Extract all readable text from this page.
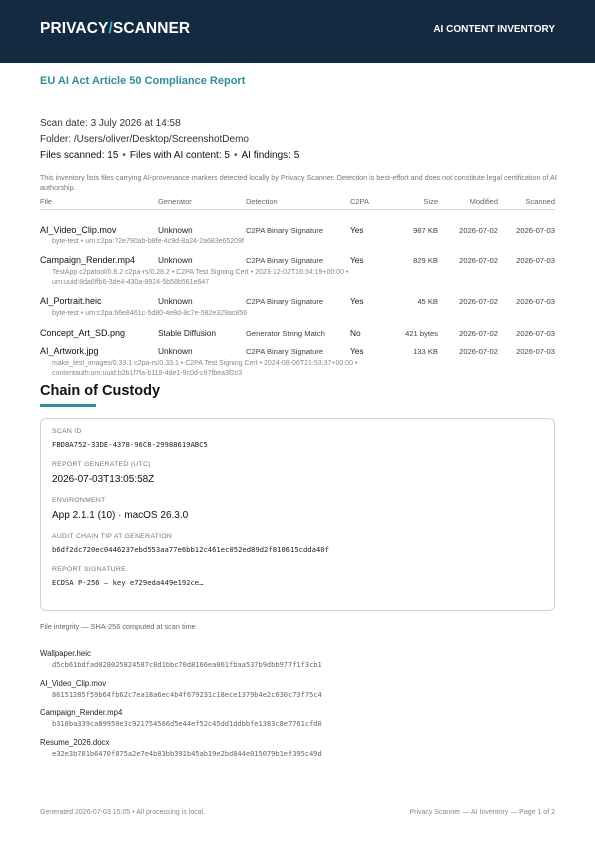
PRIVACY/SCANNER	AI CONTENT INVENTORY
EU AI Act Article 50 Compliance Report
Scan date: 3 July 2026 at 14:58
Folder: /Users/oliver/Desktop/ScreenshotDemo
Files scanned: 15 • Files with AI content: 5 • AI findings: 5
This inventory lists files carrying AI-provenance markers detected locally by Privacy Scanner. Detection is best-effort and does not constitute legal certification of AI authorship.
File	Generator	Detection	C2PA	Size	Modified	Scanned
AI_Video_Clip.mov	Unknown	C2PA Binary Signature	Yes	987 KB	2026-07-02	2026-07-03
byte-test • urn:c2pa:72e790ab-b8fe-4c9d-8a24-2a683e65209f
Campaign_Render.mp4	Unknown	C2PA Binary Signature	Yes	829 KB	2026-07-02	2026-07-03
TestApp c2patool/0.6.2 c2pa-rs/0.28.2 • C2PA Test Signing Cert • 2023-12-02T16:34:19+00:00 •
urn:uuid:8da6ffb6-3de4-430a-8924-5b58b561e647
AI_Portrait.heic	Unknown	C2PA Binary Signature	Yes	45 KB	2026-07-02	2026-07-03
byte-test • urn:c2pa:66e8461c-5d80-4e8d-8c7e-582e329ac856
Concept_Art_SD.png	Stable Diffusion	Generator String Match	No	421 bytes	2026-07-02	2026-07-03
AI_Artwork.jpg	Unknown	C2PA Binary Signature	Yes	133 KB	2026-07-02	2026-07-03
make_test_images/0.33.1 c2pa-rs/0.33.1 • C2PA Test Signing Cert • 2024-08-06T21:53:37+00:00 •
contentauth:urn:uuid:b2b1f7fa-b119-4de1-9c0d-c97fbea3f2c3
Chain of Custody
SCAN ID
FBD8A752-33DE-4378-96C8-29988619ABC5
REPORT GENERATED (UTC)
2026-07-03T13:05:58Z
ENVIRONMENT
App 2.1.1 (10) · macOS 26.3.0
AUDIT CHAIN TIP AT GENERATION
b6df2dc720ec0446237ebd553aa77e6bb12c461ec052ed89d2f810615cdda40f
REPORT SIGNATURE
ECDSA P-256 — key e729eda449e192ce…
File integrity — SHA-256 computed at scan time
Wallpaper.heic
d5cb61bdfad028025824587c8d1bbc70d8166ea061fbaa537b9dbb977f1f3cb1
AI_Video_Clip.mov
86151285f59b64fb62c7ea18a6ec4b4f679231c18ece1379b4e2c630c73f75c4
Campaign_Render.mp4
b310ba339ca89950e3c921754566d5e44ef52c45dd1ddbbfe1383c8e7761cfd0
Resume_2026.docx
e32e3b701b6470f875a2e7e4b83bb391b45ab19e2bd844e015079b1ef395c49d
Generated 2026-07-03 15:05 • All processing is local.	Privacy Scanner — AI Inventory — Page 1 of 2
